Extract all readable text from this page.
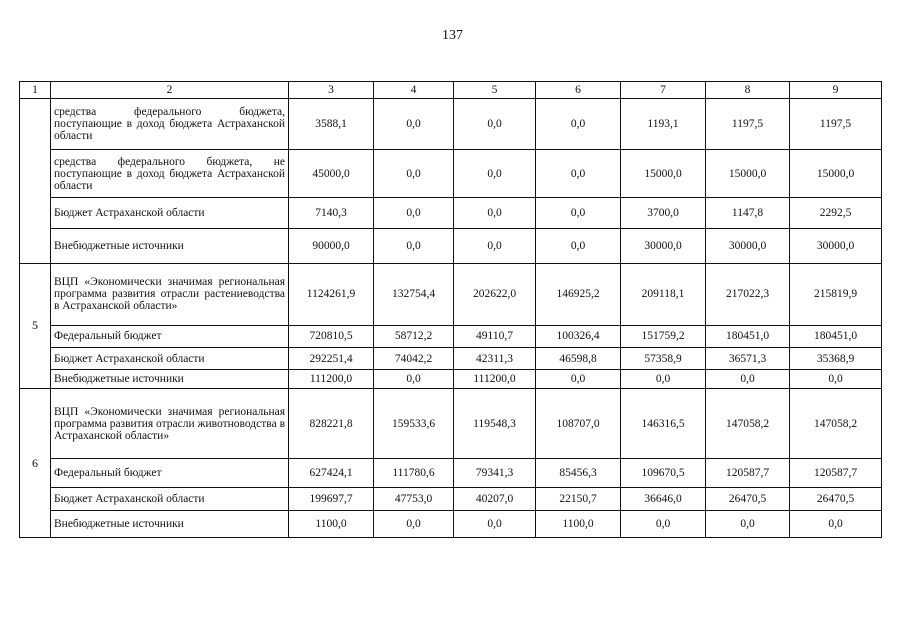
137
1	2	3	4	5	6	7	8	9
	средства федерального бюджета, поступающие в доход бюджета Астраханской области	3588,1	0,0	0,0	0,0	1193,1	1197,5	1197,5
	средства федерального бюджета, не поступающие в доход бюджета Астраханской области	45000,0	0,0	0,0	0,0	15000,0	15000,0	15000,0
	Бюджет Астраханской области	7140,3	0,0	0,0	0,0	3700,0	1147,8	2292,5
	Внебюджетные источники	90000,0	0,0	0,0	0,0	30000,0	30000,0	30000,0
5	ВЦП «Экономически значимая региональная программа развития отрасли растениеводства в Астраханской области»	1124261,9	132754,4	202622,0	146925,2	209118,1	217022,3	215819,9
	Федеральный бюджет	720810,5	58712,2	49110,7	100326,4	151759,2	180451,0	180451,0
	Бюджет Астраханской области	292251,4	74042,2	42311,3	46598,8	57358,9	36571,3	35368,9
	Внебюджетные источники	111200,0	0,0	111200,0	0,0	0,0	0,0	0,0
6	ВЦП «Экономически значимая региональная программа развития отрасли животноводства в Астраханской области»	828221,8	159533,6	119548,3	108707,0	146316,5	147058,2	147058,2
	Федеральный бюджет	627424,1	111780,6	79341,3	85456,3	109670,5	120587,7	120587,7
	Бюджет Астраханской области	199697,7	47753,0	40207,0	22150,7	36646,0	26470,5	26470,5
	Внебюджетные источники	1100,0	0,0	0,0	1100,0	0,0	0,0	0,0
